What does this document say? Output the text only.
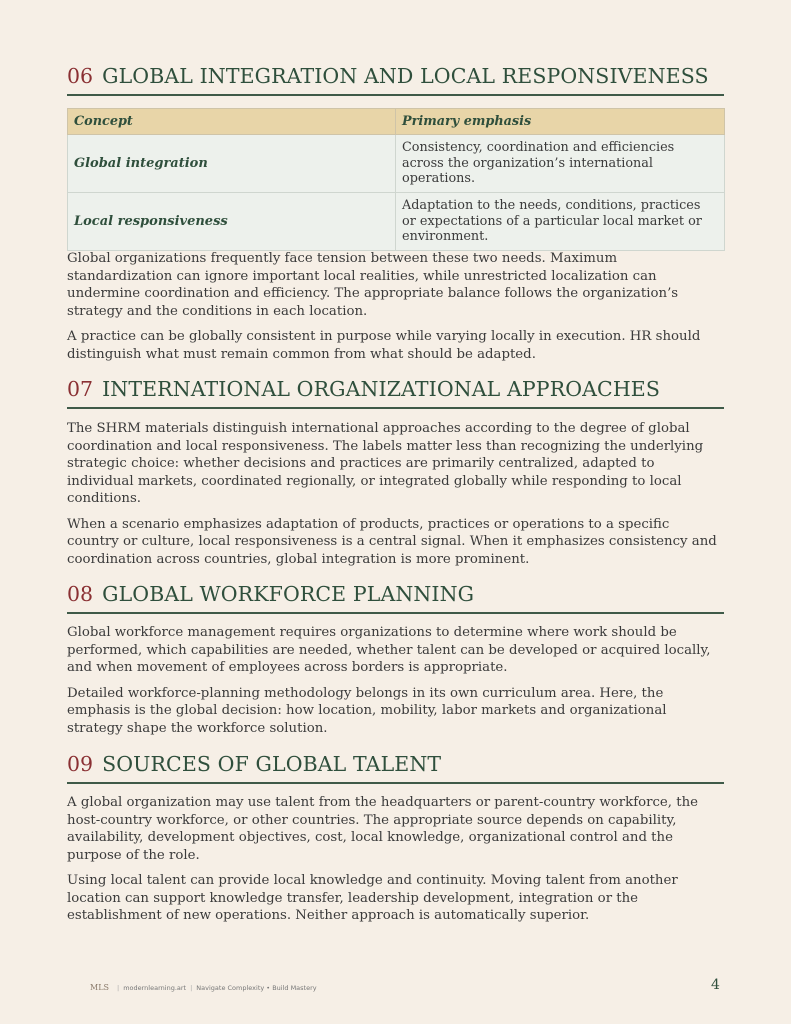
06 GLOBAL INTEGRATION AND LOCAL RESPONSIVENESS
Concept	Primary emphasis
Global integration	Consistency, coordination and efficiencies across the organization’s international operations.
Local responsiveness	Adaptation to the needs, conditions, practices or expectations of a particular local market or environment.

Global organizations frequently face tension between these two needs. Maximum standardization can ignore important local realities, while unrestricted localization can undermine coordination and efficiency. The appropriate balance follows the organization’s strategy and the conditions in each location.

A practice can be globally consistent in purpose while varying locally in execution. HR should distinguish what must remain common from what should be adapted.

07 INTERNATIONAL ORGANIZATIONAL APPROACHES

The SHRM materials distinguish international approaches according to the degree of global coordination and local responsiveness. The labels matter less than recognizing the underlying strategic choice: whether decisions and practices are primarily centralized, adapted to individual markets, coordinated regionally, or integrated globally while responding to local conditions.

When a scenario emphasizes adaptation of products, practices or operations to a specific country or culture, local responsiveness is a central signal. When it emphasizes consistency and coordination across countries, global integration is more prominent.

08 GLOBAL WORKFORCE PLANNING

Global workforce management requires organizations to determine where work should be performed, which capabilities are needed, whether talent can be developed or acquired locally, and when movement of employees across borders is appropriate.

Detailed workforce-planning methodology belongs in its own curriculum area. Here, the emphasis is the global decision: how location, mobility, labor markets and organizational strategy shape the workforce solution.

09 SOURCES OF GLOBAL TALENT

A global organization may use talent from the headquarters or parent-country workforce, the host-country workforce, or other countries. The appropriate source depends on capability, availability, development objectives, cost, local knowledge, organizational control and the purpose of the role.

Using local talent can provide local knowledge and continuity. Moving talent from another location can support knowledge transfer, leadership development, integration or the establishment of new operations. Neither approach is automatically superior.

MLS | modernlearning.art | Navigate Complexity • Build Mastery	4
